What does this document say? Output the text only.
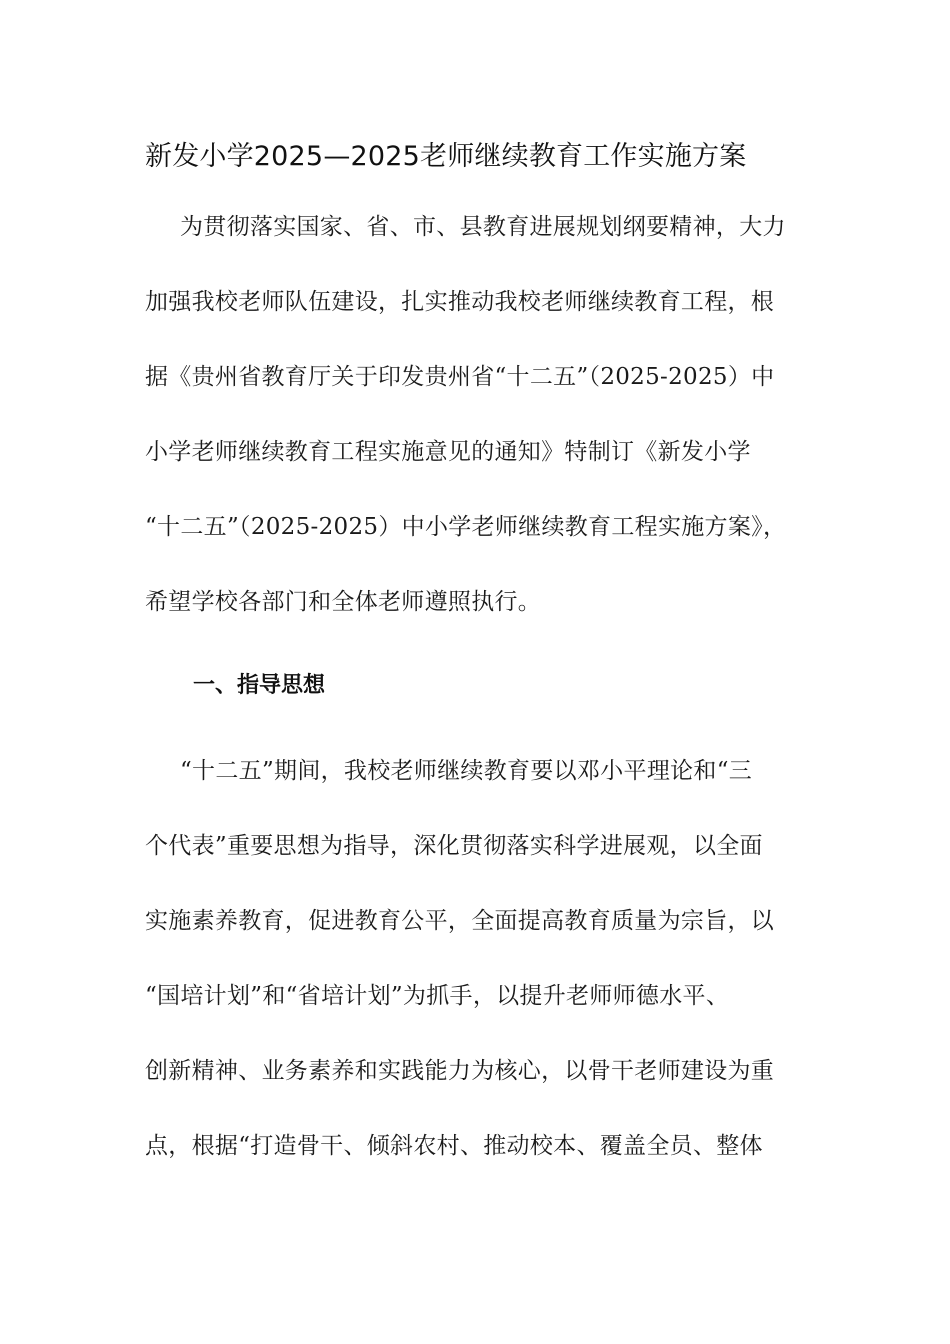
新发小学2025—2025老师继续教育工作实施方案
为贯彻落实国家、省、市、县教育进展规划纲要精神，大力
加强我校老师队伍建设，扎实推动我校老师继续教育工程，根
据《贵州省教育厅关于印发贵州省“十二五”（2025-2025）中
小学老师继续教育工程实施意见的通知》特制订《新发小学
“十二五”（2025-2025）中小学老师继续教育工程实施方案》，
希望学校各部门和全体老师遵照执行。
一、指导思想
“十二五”期间，我校老师继续教育要以邓小平理论和“三
个代表”重要思想为指导，深化贯彻落实科学进展观，以全面
实施素养教育，促进教育公平，全面提高教育质量为宗旨，以
“国培计划”和“省培计划”为抓手，以提升老师师德水平、
创新精神、业务素养和实践能力为核心，以骨干老师建设为重
点，根据“打造骨干、倾斜农村、推动校本、覆盖全员、整体
